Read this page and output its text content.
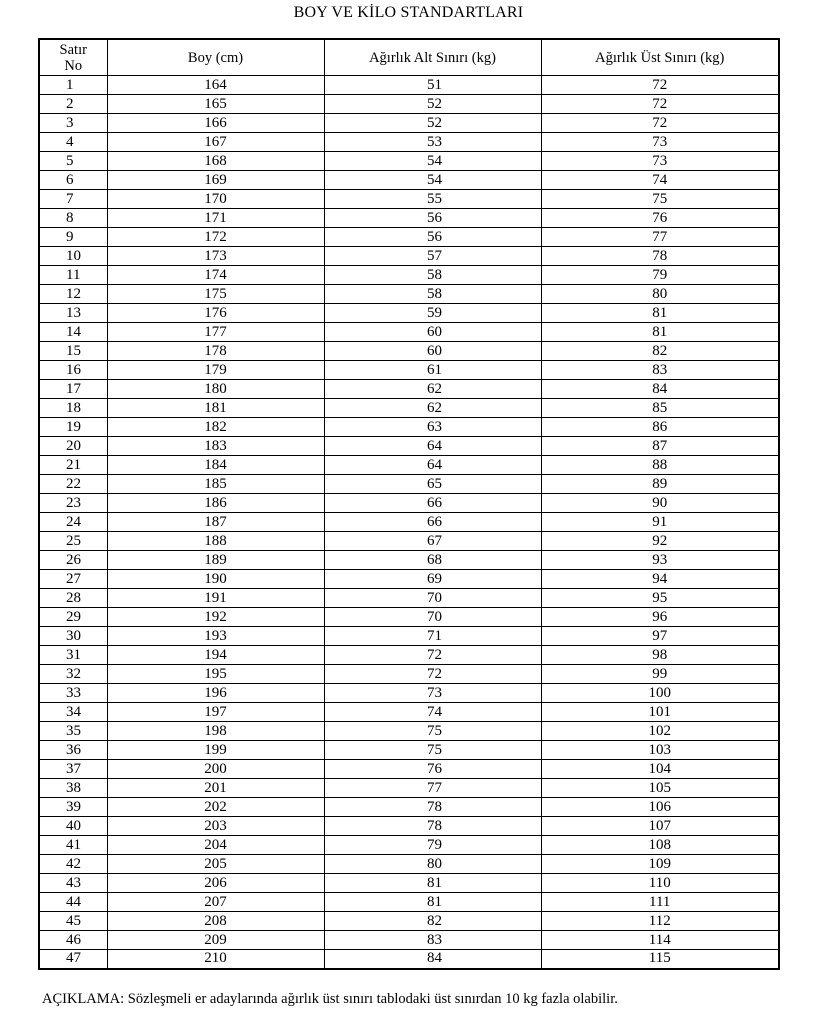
BOY VE KİLO STANDARTLARI
Satır
No	Boy (cm)	Ağırlık Alt Sınırı (kg)	Ağırlık Üst Sınırı (kg)
1	164	51	72
2	165	52	72
3	166	52	72
4	167	53	73
5	168	54	73
6	169	54	74
7	170	55	75
8	171	56	76
9	172	56	77
10	173	57	78
11	174	58	79
12	175	58	80
13	176	59	81
14	177	60	81
15	178	60	82
16	179	61	83
17	180	62	84
18	181	62	85
19	182	63	86
20	183	64	87
21	184	64	88
22	185	65	89
23	186	66	90
24	187	66	91
25	188	67	92
26	189	68	93
27	190	69	94
28	191	70	95
29	192	70	96
30	193	71	97
31	194	72	98
32	195	72	99
33	196	73	100
34	197	74	101
35	198	75	102
36	199	75	103
37	200	76	104
38	201	77	105
39	202	78	106
40	203	78	107
41	204	79	108
42	205	80	109
43	206	81	110
44	207	81	111
45	208	82	112
46	209	83	114
47	210	84	115
AÇIKLAMA: Sözleşmeli er adaylarında ağırlık üst sınırı tablodaki üst sınırdan 10 kg fazla olabilir.
